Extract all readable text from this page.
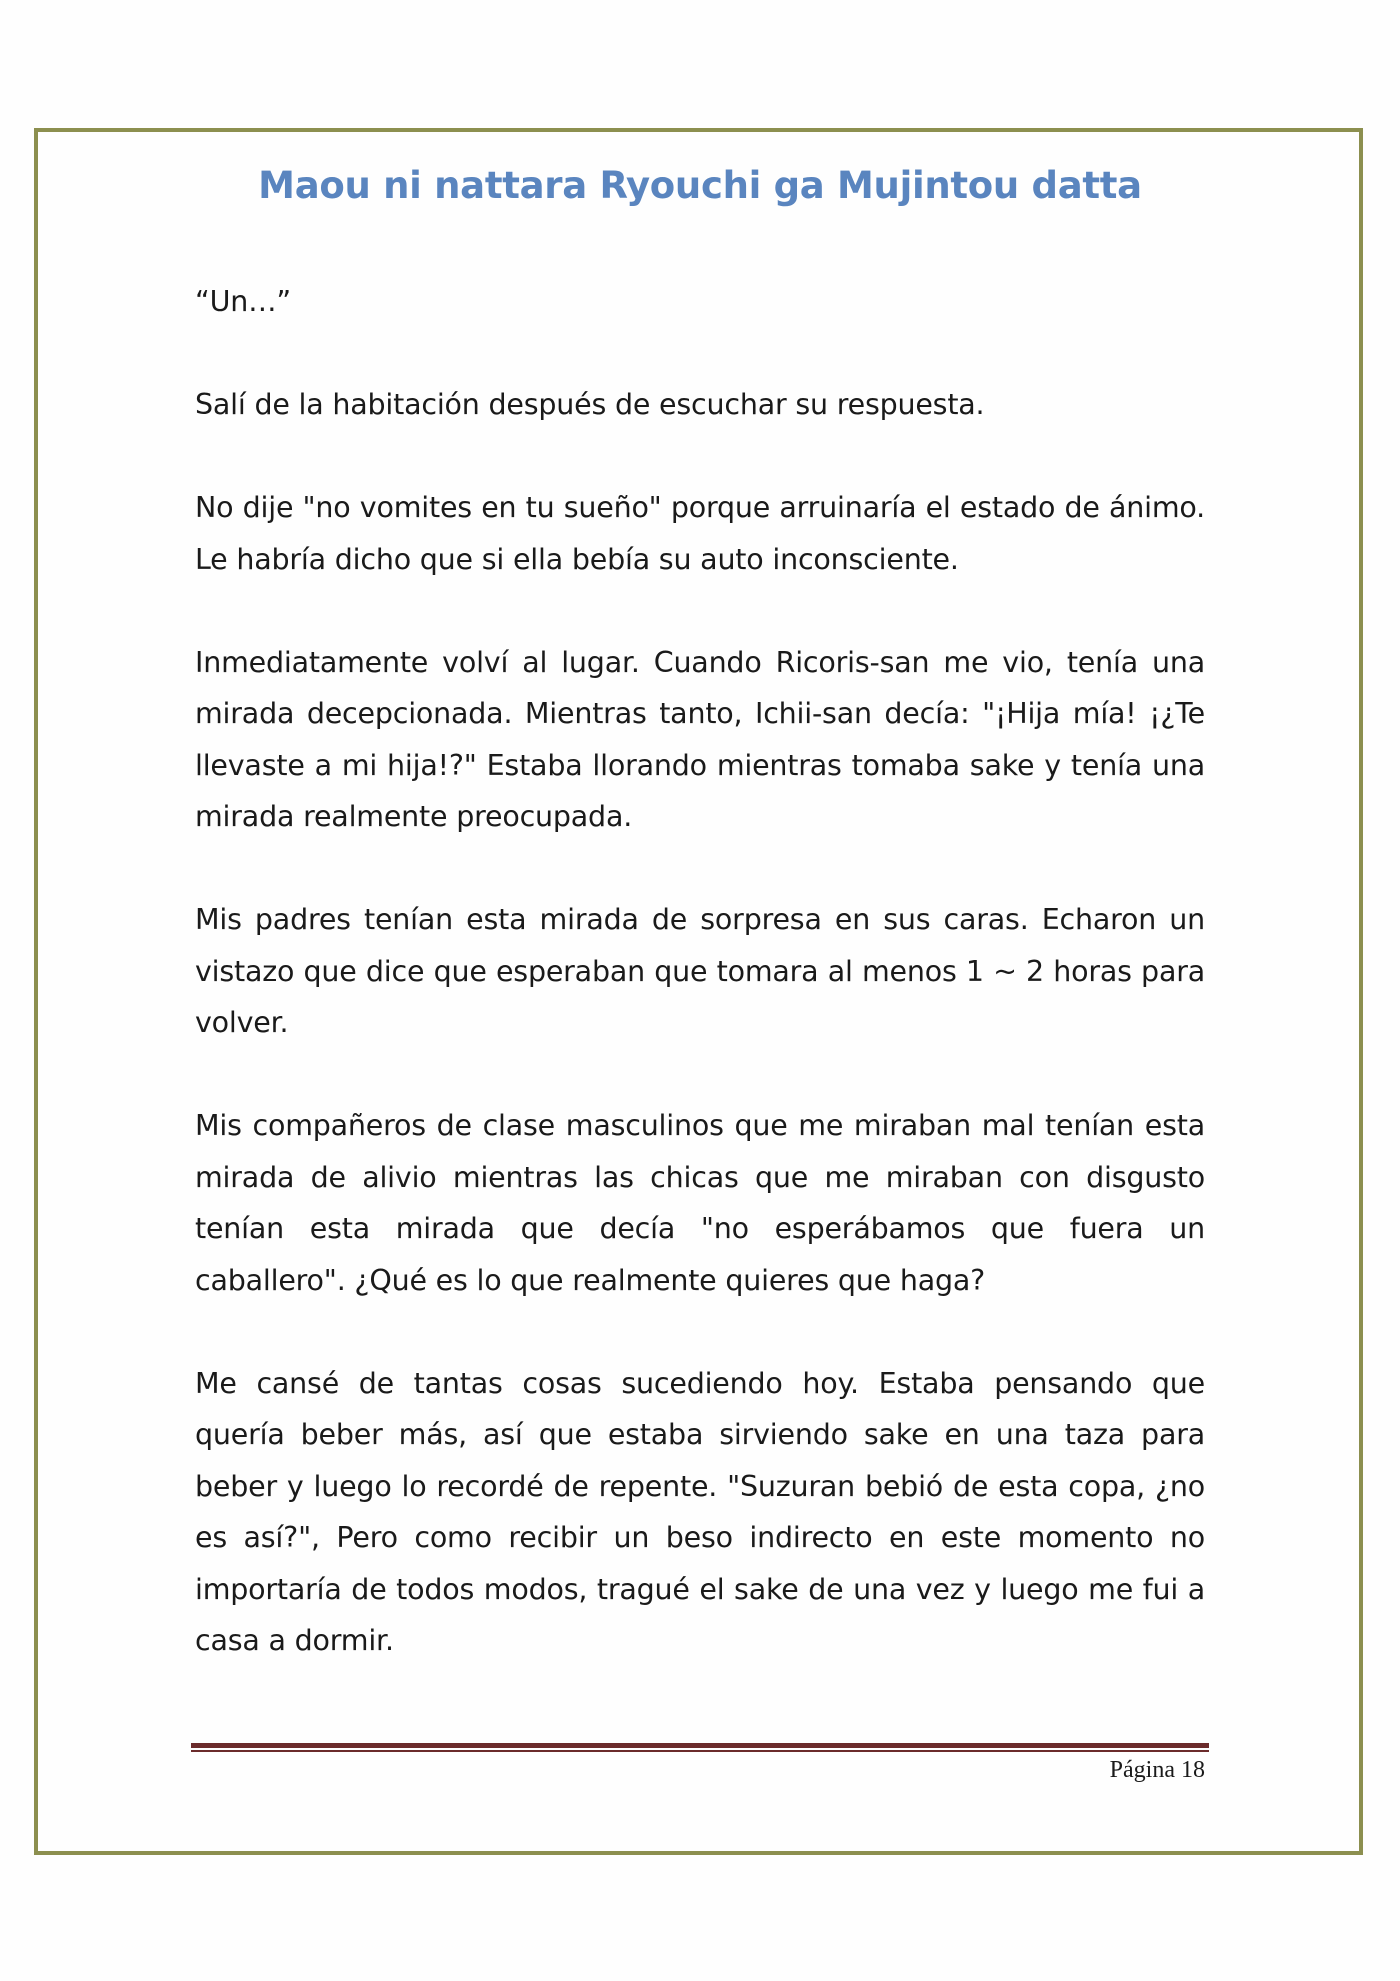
Maou ni nattara Ryouchi ga Mujintou datta

“Un…”

Salí de la habitación después de escuchar su respuesta.

No dije "no vomites en tu sueño" porque arruinaría el estado de ánimo. Le habría dicho que si ella bebía su auto inconsciente.

Inmediatamente volví al lugar. Cuando Ricoris-san me vio, tenía una mirada decepcionada. Mientras tanto, Ichii-san decía: "¡Hija mía! ¡¿Te llevaste a mi hija!?" Estaba llorando mientras tomaba sake y tenía una mirada realmente preocupada.

Mis padres tenían esta mirada de sorpresa en sus caras. Echaron un vistazo que dice que esperaban que tomara al menos 1 ~ 2 horas para volver.

Mis compañeros de clase masculinos que me miraban mal tenían esta mirada de alivio mientras las chicas que me miraban con disgusto tenían esta mirada que decía "no esperábamos que fuera un caballero". ¿Qué es lo que realmente quieres que haga?

Me cansé de tantas cosas sucediendo hoy. Estaba pensando que quería beber más, así que estaba sirviendo sake en una taza para beber y luego lo recordé de repente. "Suzuran bebió de esta copa, ¿no es así?", Pero como recibir un beso indirecto en este momento no importaría de todos modos, tragué el sake de una vez y luego me fui a casa a dormir.

Página 18
